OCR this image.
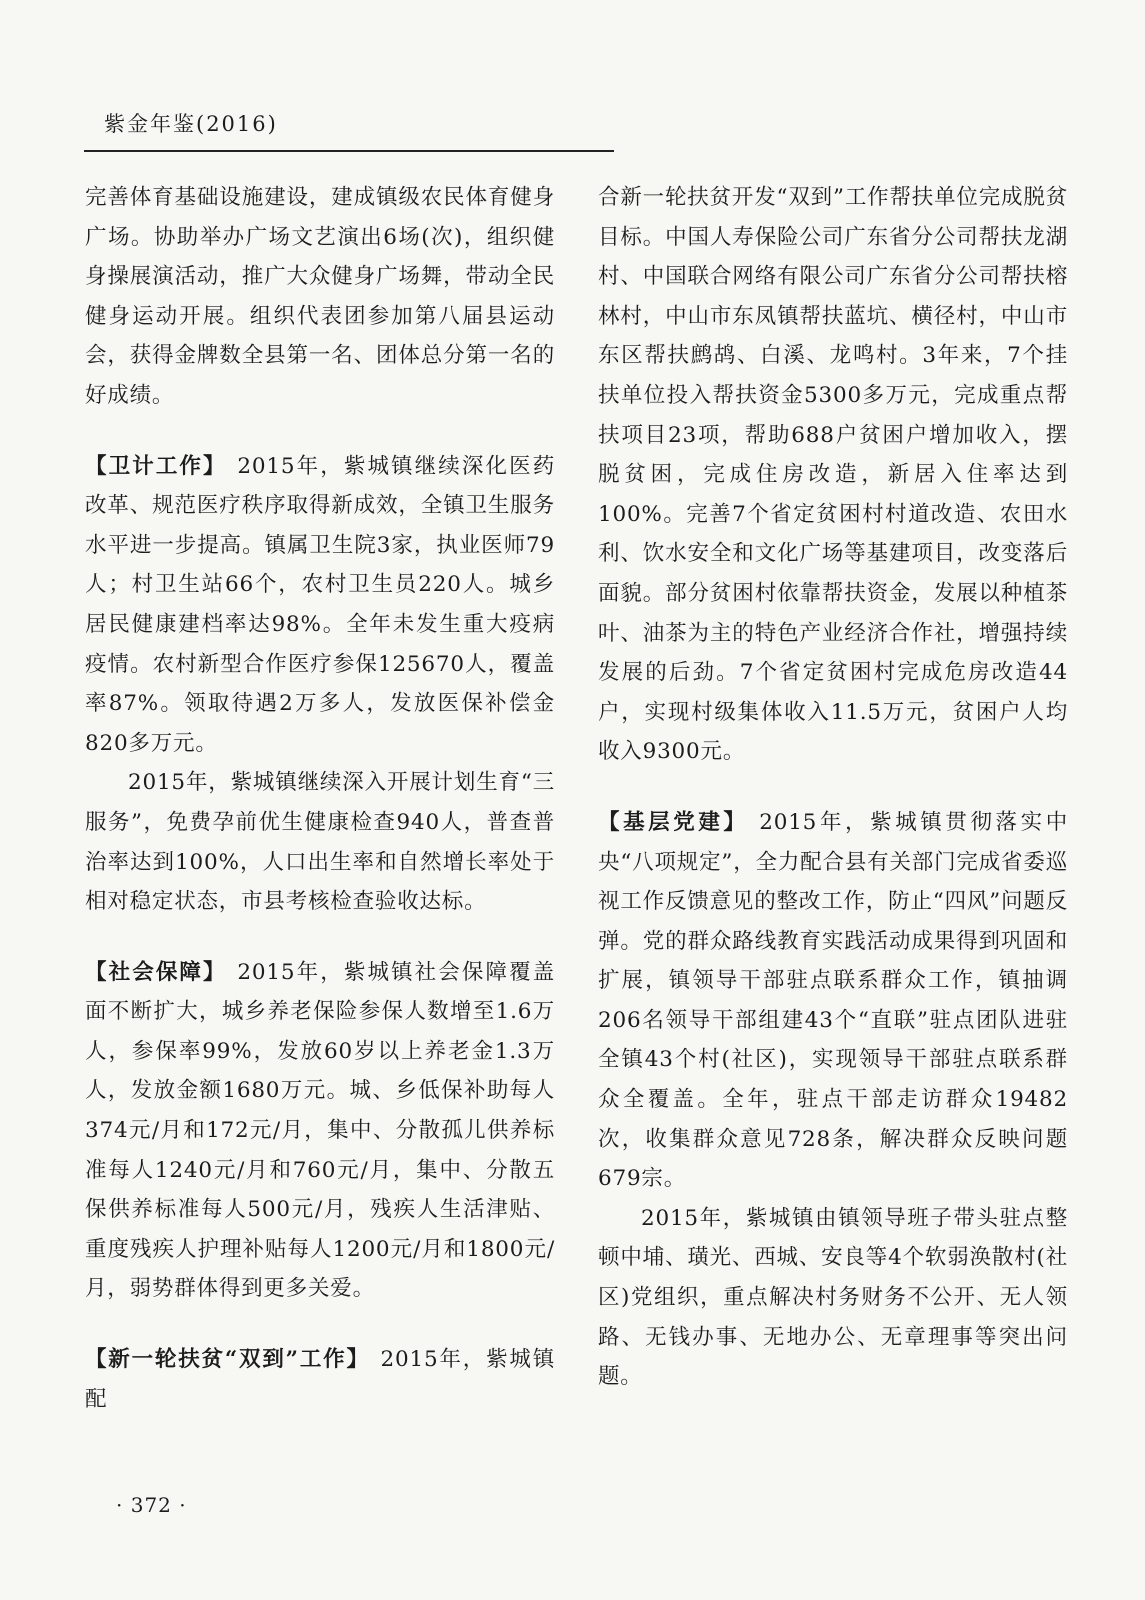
紫金年鉴(2016)

完善体育基础设施建设，建成镇级农民体育健身广场。协助举办广场文艺演出6场(次)，组织健身操展演活动，推广大众健身广场舞，带动全民健身运动开展。组织代表团参加第八届县运动会，获得金牌数全县第一名、团体总分第一名的好成绩。

【卫计工作】 2015年，紫城镇继续深化医药改革、规范医疗秩序取得新成效，全镇卫生服务水平进一步提高。镇属卫生院3家，执业医师79人；村卫生站66个，农村卫生员220人。城乡居民健康建档率达98%。全年未发生重大疫病疫情。农村新型合作医疗参保125670人，覆盖率87%。领取待遇2万多人，发放医保补偿金820多万元。

2015年，紫城镇继续深入开展计划生育“三服务”，免费孕前优生健康检查940人，普查普治率达到100%，人口出生率和自然增长率处于相对稳定状态，市县考核检查验收达标。

【社会保障】 2015年，紫城镇社会保障覆盖面不断扩大，城乡养老保险参保人数增至1.6万人，参保率99%，发放60岁以上养老金1.3万人，发放金额1680万元。城、乡低保补助每人374元/月和172元/月，集中、分散孤儿供养标准每人1240元/月和760元/月，集中、分散五保供养标准每人500元/月，残疾人生活津贴、重度残疾人护理补贴每人1200元/月和1800元/月，弱势群体得到更多关爱。

【新一轮扶贫“双到”工作】 2015年，紫城镇配

合新一轮扶贫开发“双到”工作帮扶单位完成脱贫目标。中国人寿保险公司广东省分公司帮扶龙湖村、中国联合网络有限公司广东省分公司帮扶榕林村，中山市东凤镇帮扶蓝坑、横径村，中山市东区帮扶鹧鸪、白溪、龙鸣村。3年来，7个挂扶单位投入帮扶资金5300多万元，完成重点帮扶项目23项，帮助688户贫困户增加收入，摆脱贫困，完成住房改造，新居入住率达到100%。完善7个省定贫困村村道改造、农田水利、饮水安全和文化广场等基建项目，改变落后面貌。部分贫困村依靠帮扶资金，发展以种植茶叶、油茶为主的特色产业经济合作社，增强持续发展的后劲。7个省定贫困村完成危房改造44户，实现村级集体收入11.5万元，贫困户人均收入9300元。

【基层党建】 2015年，紫城镇贯彻落实中央“八项规定”，全力配合县有关部门完成省委巡视工作反馈意见的整改工作，防止“四风”问题反弹。党的群众路线教育实践活动成果得到巩固和扩展，镇领导干部驻点联系群众工作，镇抽调206名领导干部组建43个“直联”驻点团队进驻全镇43个村(社区)，实现领导干部驻点联系群众全覆盖。全年，驻点干部走访群众19482次，收集群众意见728条，解决群众反映问题679宗。

2015年，紫城镇由镇领导班子带头驻点整顿中埔、璜光、西城、安良等4个软弱涣散村(社区)党组织，重点解决村务财务不公开、无人领路、无钱办事、无地办公、无章理事等突出问题。

· 372 ·
